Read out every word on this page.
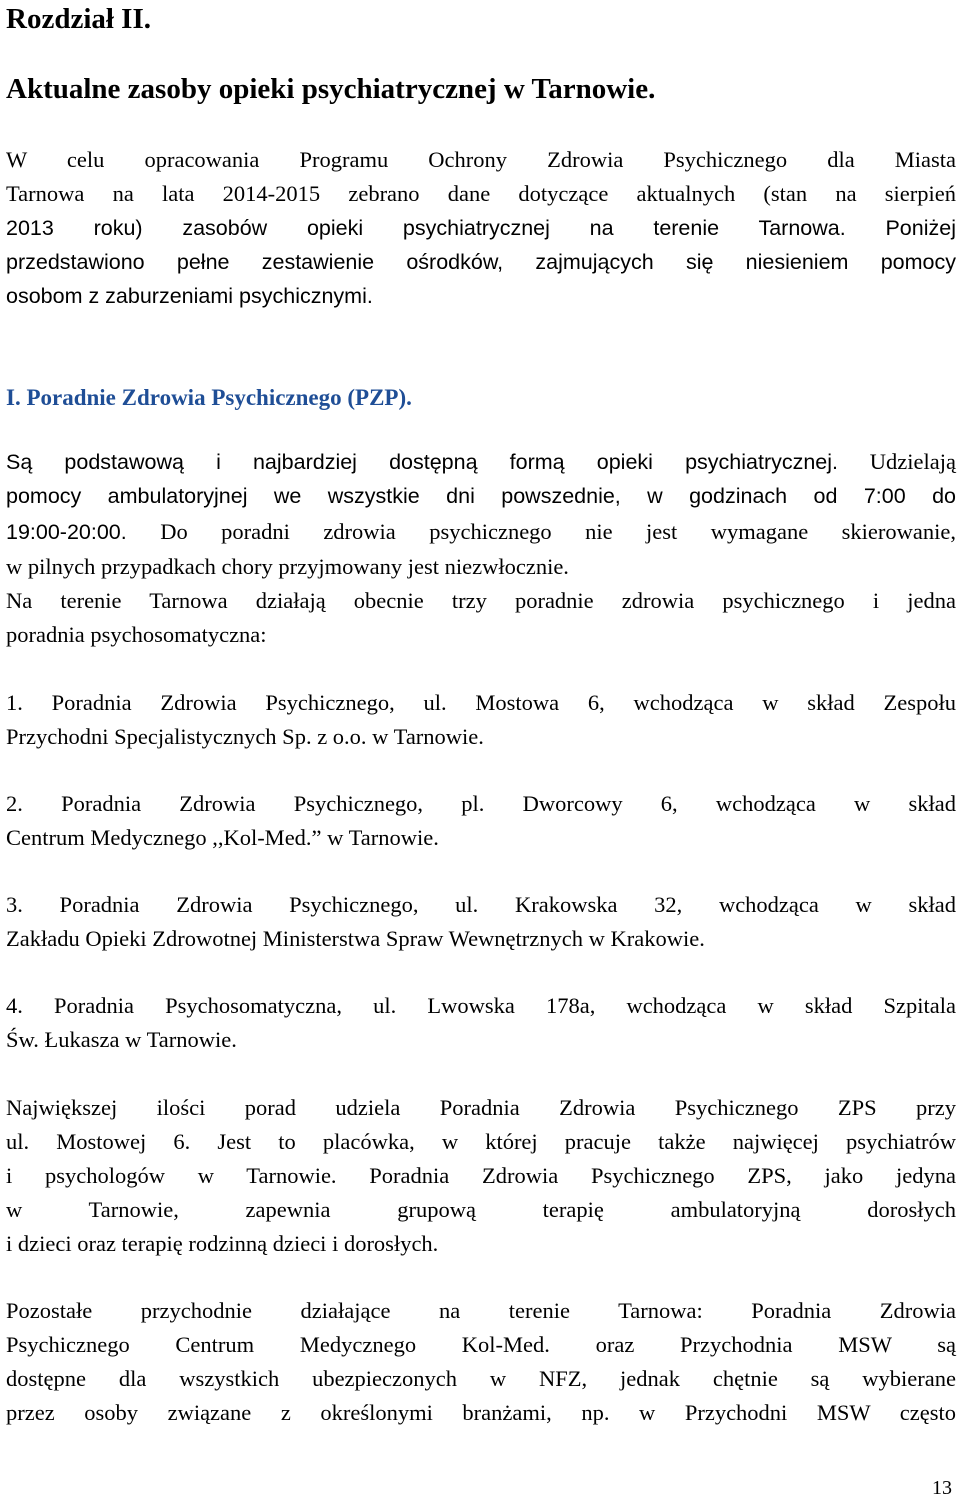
Rozdział II.
Aktualne zasoby opieki psychiatrycznej w Tarnowie.

W celu opracowania Programu Ochrony Zdrowia Psychicznego dla Miasta

Tarnowa na lata 2014-2015 zebrano dane dotyczące aktualnych (stan na sierpień

2013 roku) zasobów opieki psychiatrycznej na terenie Tarnowa. Poniżej

przedstawiono pełne zestawienie ośrodków, zajmujących się niesieniem pomocy

osobom z zaburzeniami psychicznymi.

I. Poradnie Zdrowia Psychicznego (PZP).

Są podstawową i najbardziej dostępną formą opieki psychiatrycznej. Udzielają

pomocy ambulatoryjnej we wszystkie dni powszednie, w godzinach od 7:00 do

19:00-20:00. Do poradni zdrowia psychicznego nie jest wymagane skierowanie,

w pilnych przypadkach chory przyjmowany jest niezwłocznie.

Na terenie Tarnowa działają obecnie trzy poradnie zdrowia psychicznego i jedna

poradnia psychosomatyczna:

1. Poradnia Zdrowia Psychicznego, ul. Mostowa 6, wchodząca w skład Zespołu

Przychodni Specjalistycznych Sp. z o.o. w Tarnowie.

2. Poradnia Zdrowia Psychicznego, pl. Dworcowy 6, wchodząca w skład

Centrum Medycznego ,,Kol-Med.” w Tarnowie.

3. Poradnia Zdrowia Psychicznego, ul. Krakowska 32, wchodząca w skład

Zakładu Opieki Zdrowotnej Ministerstwa Spraw Wewnętrznych w Krakowie.

4. Poradnia Psychosomatyczna, ul. Lwowska 178a, wchodząca w skład Szpitala

Św. Łukasza w Tarnowie.

Największej ilości porad udziela Poradnia Zdrowia Psychicznego ZPS przy

ul. Mostowej 6. Jest to placówka, w której pracuje także najwięcej psychiatrów

i psychologów w Tarnowie. Poradnia Zdrowia Psychicznego ZPS, jako jedyna

w Tarnowie, zapewnia grupową terapię ambulatoryjną dorosłych

i dzieci oraz terapię rodzinną dzieci i dorosłych.

Pozostałe przychodnie działające na terenie Tarnowa: Poradnia Zdrowia

Psychicznego Centrum Medycznego Kol-Med. oraz Przychodnia MSW są

dostępne dla wszystkich ubezpieczonych w NFZ, jednak chętnie są wybierane

przez osoby związane z określonymi branżami, np. w Przychodni MSW często

13
